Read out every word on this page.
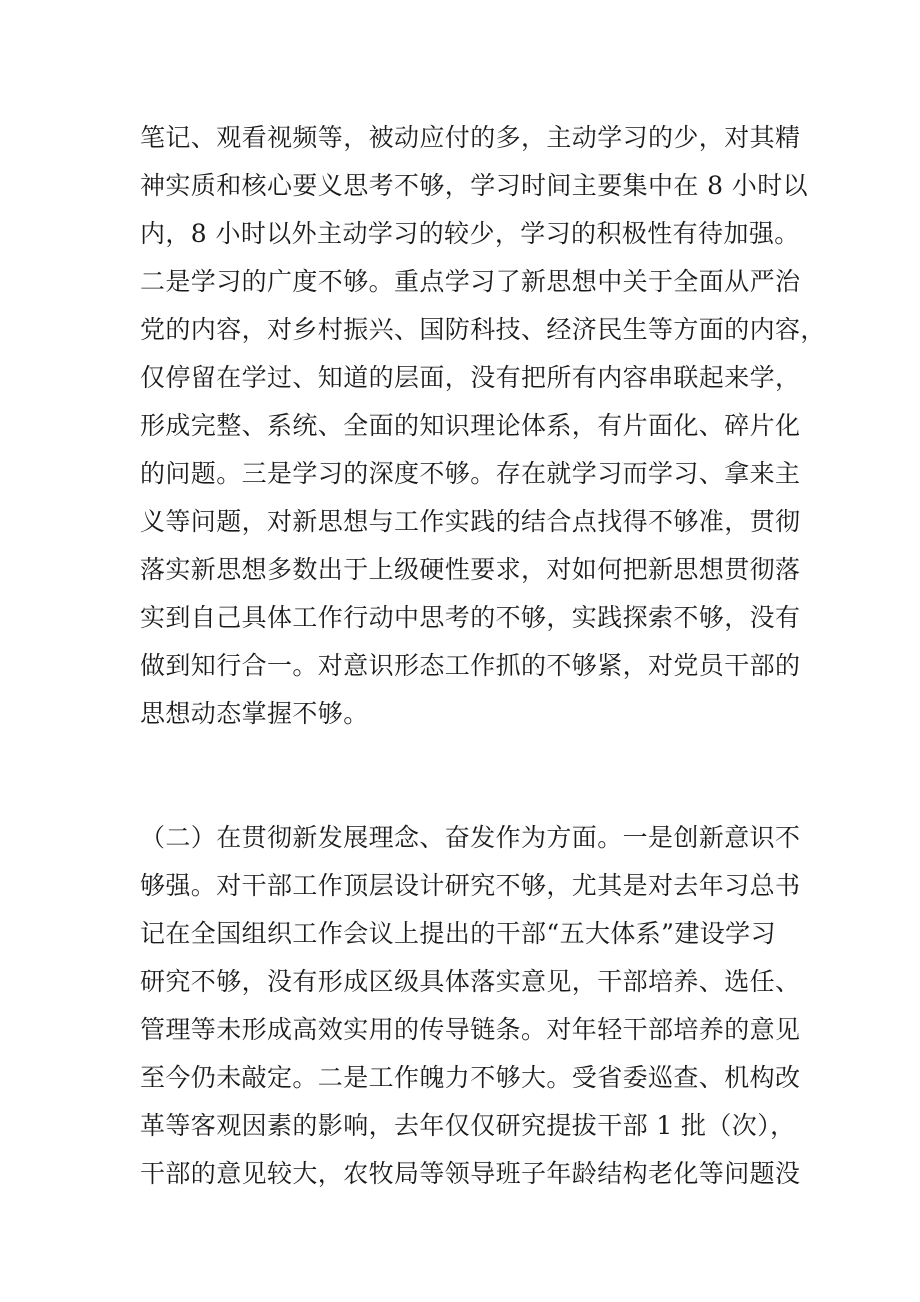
笔记、观看视频等，被动应付的多，主动学习的少，对其精
神实质和核心要义思考不够，学习时间主要集中在 8 小时以
内，8 小时以外主动学习的较少，学习的积极性有待加强。
二是学习的广度不够。重点学习了新思想中关于全面从严治
党的内容，对乡村振兴、国防科技、经济民生等方面的内容，
仅停留在学过、知道的层面，没有把所有内容串联起来学，
形成完整、系统、全面的知识理论体系，有片面化、碎片化
的问题。三是学习的深度不够。存在就学习而学习、拿来主
义等问题，对新思想与工作实践的结合点找得不够准，贯彻
落实新思想多数出于上级硬性要求，对如何把新思想贯彻落
实到自己具体工作行动中思考的不够，实践探索不够，没有
做到知行合一。对意识形态工作抓的不够紧，对党员干部的
思想动态掌握不够。
（二）在贯彻新发展理念、奋发作为方面。一是创新意识不
够强。对干部工作顶层设计研究不够，尤其是对去年习总书
记在全国组织工作会议上提出的干部“五大体系”建设学习
研究不够，没有形成区级具体落实意见，干部培养、选任、
管理等未形成高效实用的传导链条。对年轻干部培养的意见
至今仍未敲定。二是工作魄力不够大。受省委巡查、机构改
革等客观因素的影响，去年仅仅研究提拔干部 1 批（次），
干部的意见较大，农牧局等领导班子年龄结构老化等问题没
